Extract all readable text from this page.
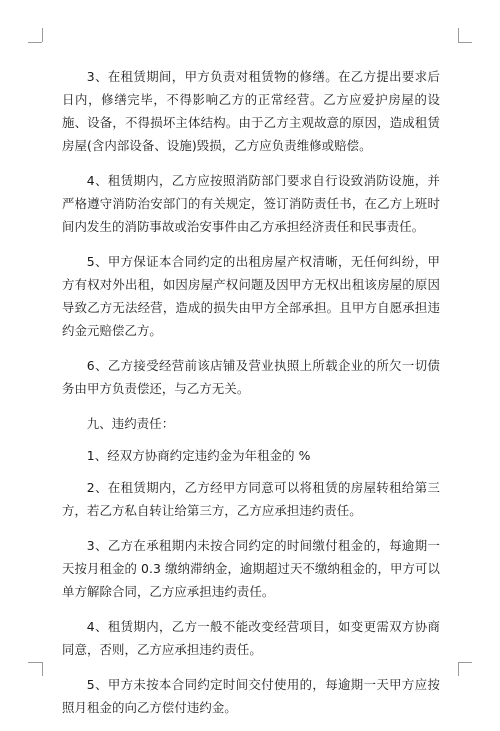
3、在租赁期间，甲方负责对租赁物的修缮。在乙方提出要求后日内，修缮完毕，不得影响乙方的正常经营。乙方应爱护房屋的设施、设备，不得损坏主体结构。由于乙方主观故意的原因，造成租赁房屋(含内部设备、设施)毁损，乙方应负责维修或赔偿。

4、租赁期内，乙方应按照消防部门要求自行设致消防设施，并严格遵守消防治安部门的有关规定，签订消防责任书，在乙方上班时间内发生的消防事故或治安事件由乙方承担经济责任和民事责任。

5、甲方保证本合同约定的出租房屋产权清晰，无任何纠纷，甲方有权对外出租，如因房屋产权问题及因甲方无权出租该房屋的原因导致乙方无法经营，造成的损失由甲方全部承担。且甲方自愿承担违约金元赔偿乙方。

6、乙方接受经营前该店铺及营业执照上所载企业的所欠一切债务由甲方负责偿还，与乙方无关。

九、违约责任：

1、经双方协商约定违约金为年租金的 %

2、在租赁期内，乙方经甲方同意可以将租赁的房屋转租给第三方，若乙方私自转让给第三方，乙方应承担违约责任。

3、乙方在承租期内未按合同约定的时间缴付租金的，每逾期一天按月租金的 0.3 缴纳滞纳金，逾期超过天不缴纳租金的，甲方可以单方解除合同，乙方应承担违约责任。

4、租赁期内，乙方一般不能改变经营项目，如变更需双方协商同意，否则，乙方应承担违约责任。

5、甲方未按本合同约定时间交付使用的，每逾期一天甲方应按照月租金的向乙方偿付违约金。
